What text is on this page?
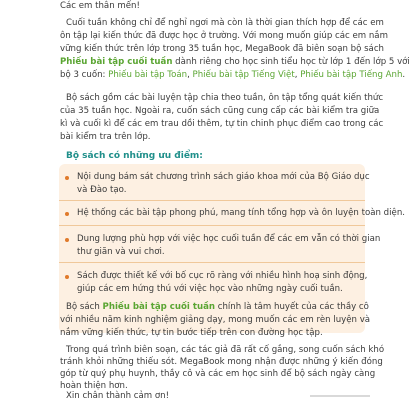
Các em thân mến!
Cuối tuần không chỉ để nghỉ ngơi mà còn là thời gian thích hợp để các em
ôn tập lại kiến thức đã được học ở trường. Với mong muốn giúp các em nắm
vững kiến thức trên lớp trong 35 tuần học, MegaBook đã biên soạn bộ sách
Phiếu bài tập cuối tuần dành riêng cho học sinh tiểu học từ lớp 1 đến lớp 5 với
bộ 3 cuốn: Phiếu bài tập Toán, Phiếu bài tập Tiếng Việt, Phiếu bài tập Tiếng Anh.
Bộ sách gồm các bài luyện tập chia theo tuần, ôn tập tổng quát kiến thức
của 35 tuần học. Ngoài ra, cuốn sách cũng cung cấp các bài kiểm tra giữa
kì và cuối kì để các em trau dồi thêm, tự tin chinh phục điểm cao trong các
bài kiểm tra trên lớp.
Bộ sách có những ưu điểm:
Nội dung bám sát chương trình sách giáo khoa mới của Bộ Giáo dục
và Đào tạo.
Hệ thống các bài tập phong phú, mang tính tổng hợp và ôn luyện toàn diện.
Dung lượng phù hợp với việc học cuối tuần để các em vẫn có thời gian
thư giãn và vui chơi.
Sách được thiết kế với bố cục rõ ràng với nhiều hình hoạ sinh động,
giúp các em hứng thú với việc học vào những ngày cuối tuần.
Bộ sách Phiếu bài tập cuối tuần chính là tâm huyết của các thầy cô
với nhiều năm kinh nghiệm giảng dạy, mong muốn các em rèn luyện và
nắm vững kiến thức, tự tin bước tiếp trên con đường học tập.
Trong quá trình biên soạn, các tác giả đã rất cố gắng, song cuốn sách khó
tránh khỏi những thiếu sót. MegaBook mong nhận được những ý kiến đóng
góp từ quý phụ huynh, thầy cô và các em học sinh để bộ sách ngày càng
hoàn thiện hơn.
Xin chân thành cảm ơn!
